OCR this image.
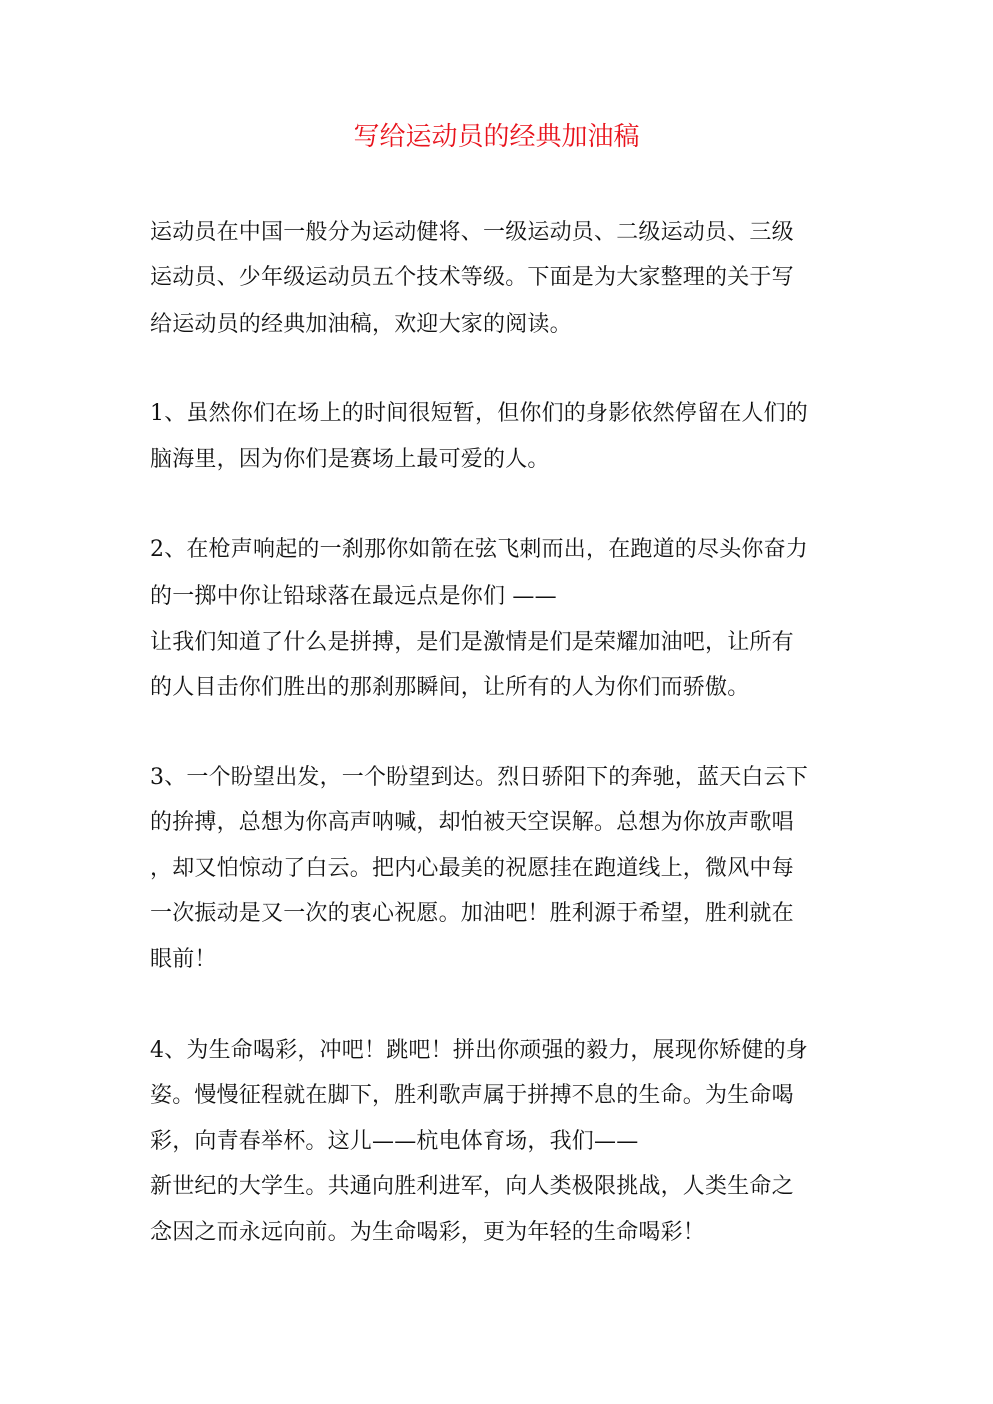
写给运动员的经典加油稿
运动员在中国一般分为运动健将、一级运动员、二级运动员、三级
运动员、少年级运动员五个技术等级。下面是为大家整理的关于写
给运动员的经典加油稿，欢迎大家的阅读。
1、虽然你们在场上的时间很短暂，但你们的身影依然停留在人们的
脑海里，因为你们是赛场上最可爱的人。
2、在枪声响起的一刹那你如箭在弦飞刺而出，在跑道的尽头你奋力
的一掷中你让铅球落在最远点是你们 ——
让我们知道了什么是拼搏，是们是激情是们是荣耀加油吧，让所有
的人目击你们胜出的那刹那瞬间，让所有的人为你们而骄傲。
3、一个盼望出发，一个盼望到达。烈日骄阳下的奔驰，蓝天白云下
的拚搏，总想为你高声呐喊，却怕被天空误解。总想为你放声歌唱
，却又怕惊动了白云。把内心最美的祝愿挂在跑道线上，微风中每
一次振动是又一次的衷心祝愿。加油吧！胜利源于希望，胜利就在
眼前！
4、为生命喝彩，冲吧！跳吧！拼出你顽强的毅力，展现你矫健的身
姿。慢慢征程就在脚下，胜利歌声属于拼搏不息的生命。为生命喝
彩，向青春举杯。这儿——杭电体育场，我们——
新世纪的大学生。共通向胜利进军，向人类极限挑战，人类生命之
念因之而永远向前。为生命喝彩，更为年轻的生命喝彩！
